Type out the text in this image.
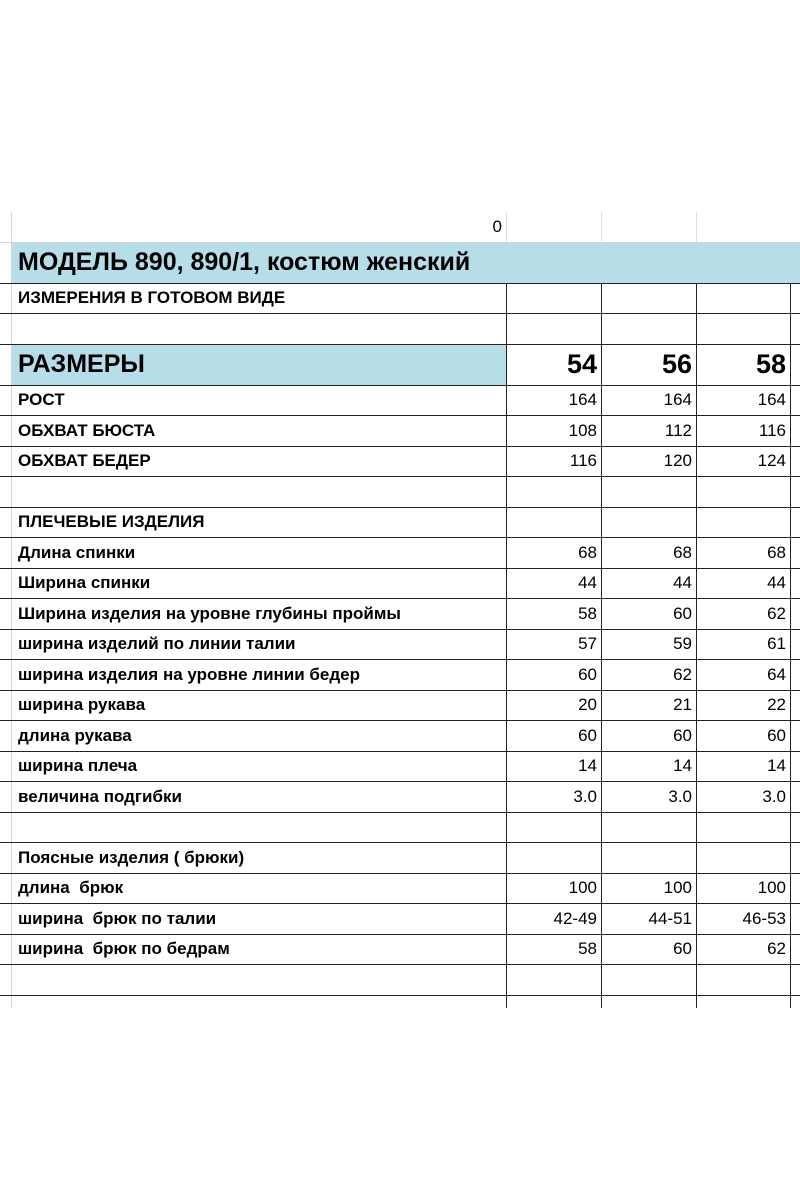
0
МОДЕЛЬ 890, 890/1, костюм женский
ИЗМЕРЕНИЯ В ГОТОВОМ ВИДЕ
РАЗМЕРЫ	54 56 58
РОСТ	164	164	164
ОБХВАТ БЮСТА	108	112	116
ОБХВАТ БЕДЕР	116	120	124
ПЛЕЧЕВЫЕ ИЗДЕЛИЯ
Длина спинки	68	68	68
Ширина спинки	44	44	44
Ширина изделия на уровне глубины проймы	58	60	62
ширина изделий по линии талии	57	59	61
ширина изделия на уровне линии бедер	60	62	64
ширина рукава	20	21	22
длина рукава	60	60	60
ширина плеча	14	14	14
величина подгибки	3.0	3.0	3.0
Поясные изделия ( брюки)
длина  брюк	100	100	100
ширина  брюк по талии	42-49	44-51	46-53
ширина  брюк по бедрам	58	60	62
